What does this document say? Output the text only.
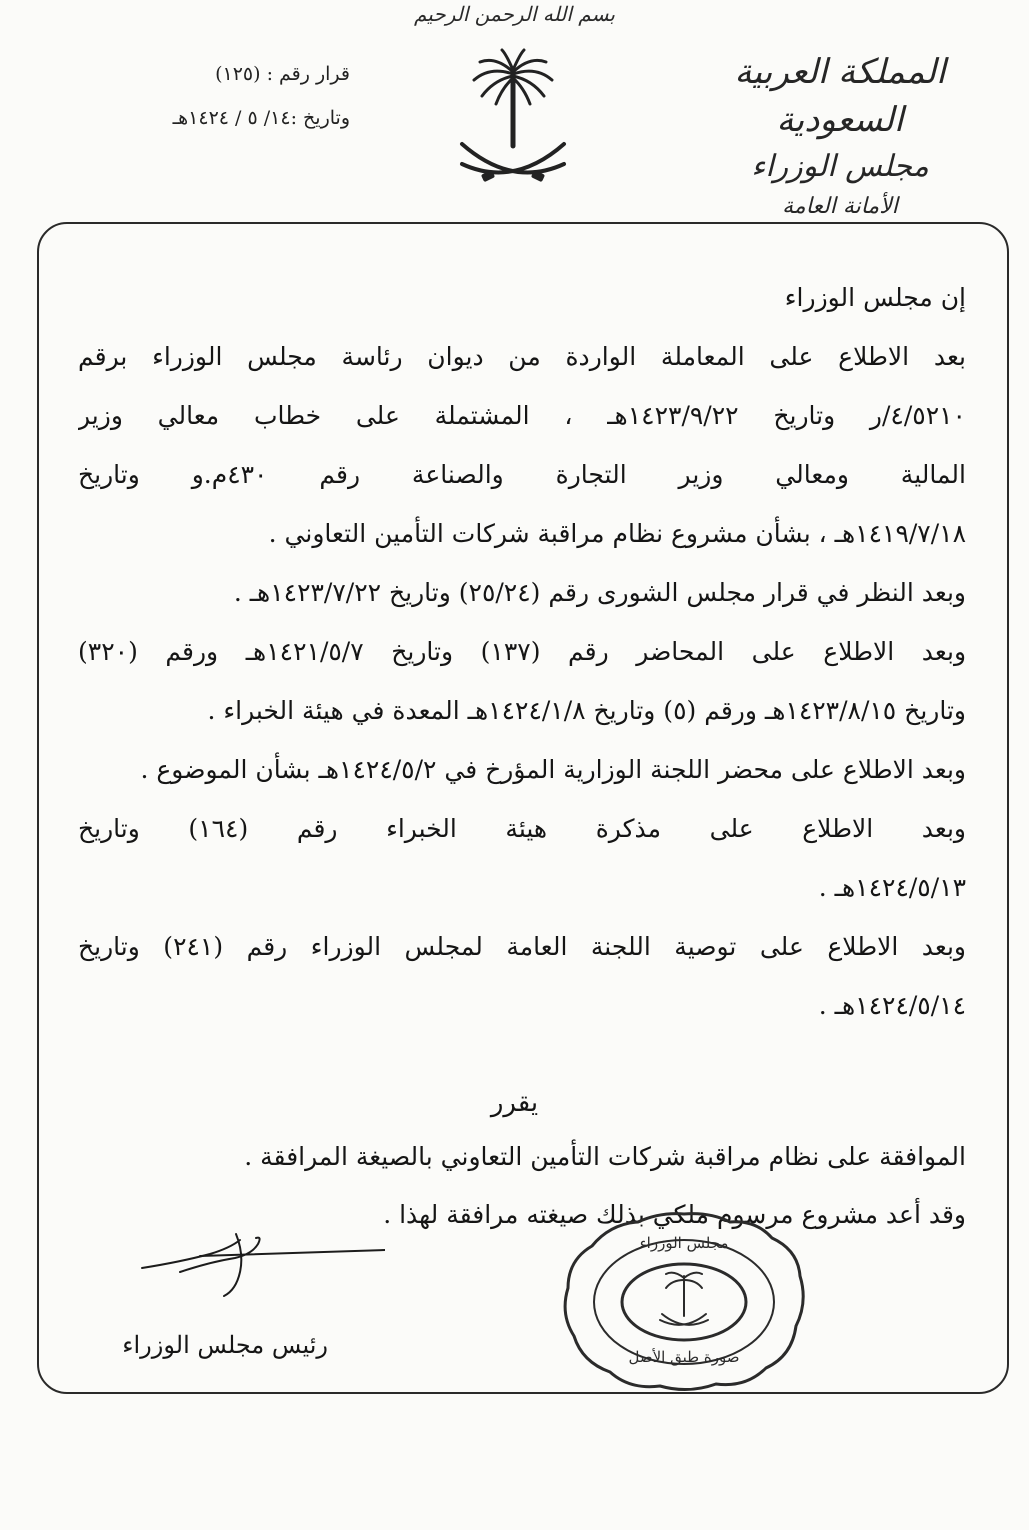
بسم الله الرحمن الرحيم
المملكة العربية السعودية
مجلس الوزراء
الأمانة العامة
قرار رقم : (١٢٥)
وتاريخ :١٤/ ٥ / ١٤٢٤هـ
إن مجلس الوزراء
بعد الاطلاع على المعاملة الواردة من ديوان رئاسة مجلس الوزراء برقم
٤/٥٢١٠/ر وتاريخ ١٤٢٣/٩/٢٢هـ ، المشتملة على خطاب معالي وزير
المالية ومعالي وزير التجارة والصناعة رقم ٤٣٠م.و وتاريخ
١٤١٩/٧/١٨هـ ، بشأن مشروع نظام مراقبة شركات التأمين التعاوني .
وبعد النظر في قرار مجلس الشورى رقم (٢٥/٢٤) وتاريخ ١٤٢٣/٧/٢٢هـ .
وبعد الاطلاع على المحاضر رقم (١٣٧) وتاريخ ١٤٢١/٥/٧هـ ورقم (٣٢٠)
وتاريخ ١٤٢٣/٨/١٥هـ ورقم (٥) وتاريخ ١٤٢٤/١/٨هـ المعدة في هيئة الخبراء .
وبعد الاطلاع على محضر اللجنة الوزارية المؤرخ في ١٤٢٤/٥/٢هـ بشأن الموضوع .
وبعد الاطلاع على مذكرة هيئة الخبراء رقم (١٦٤) وتاريخ
١٤٢٤/٥/١٣هـ .
وبعد الاطلاع على توصية اللجنة العامة لمجلس الوزراء رقم (٢٤١) وتاريخ
١٤٢٤/٥/١٤هـ .
يقرر
الموافقة على نظام مراقبة شركات التأمين التعاوني بالصيغة المرافقة .
وقد أعد مشروع مرسوم ملكي بذلك صيغته مرافقة لهذا .
رئيس مجلس الوزراء
مجلس الوزراء
صورة طبق الأصل
